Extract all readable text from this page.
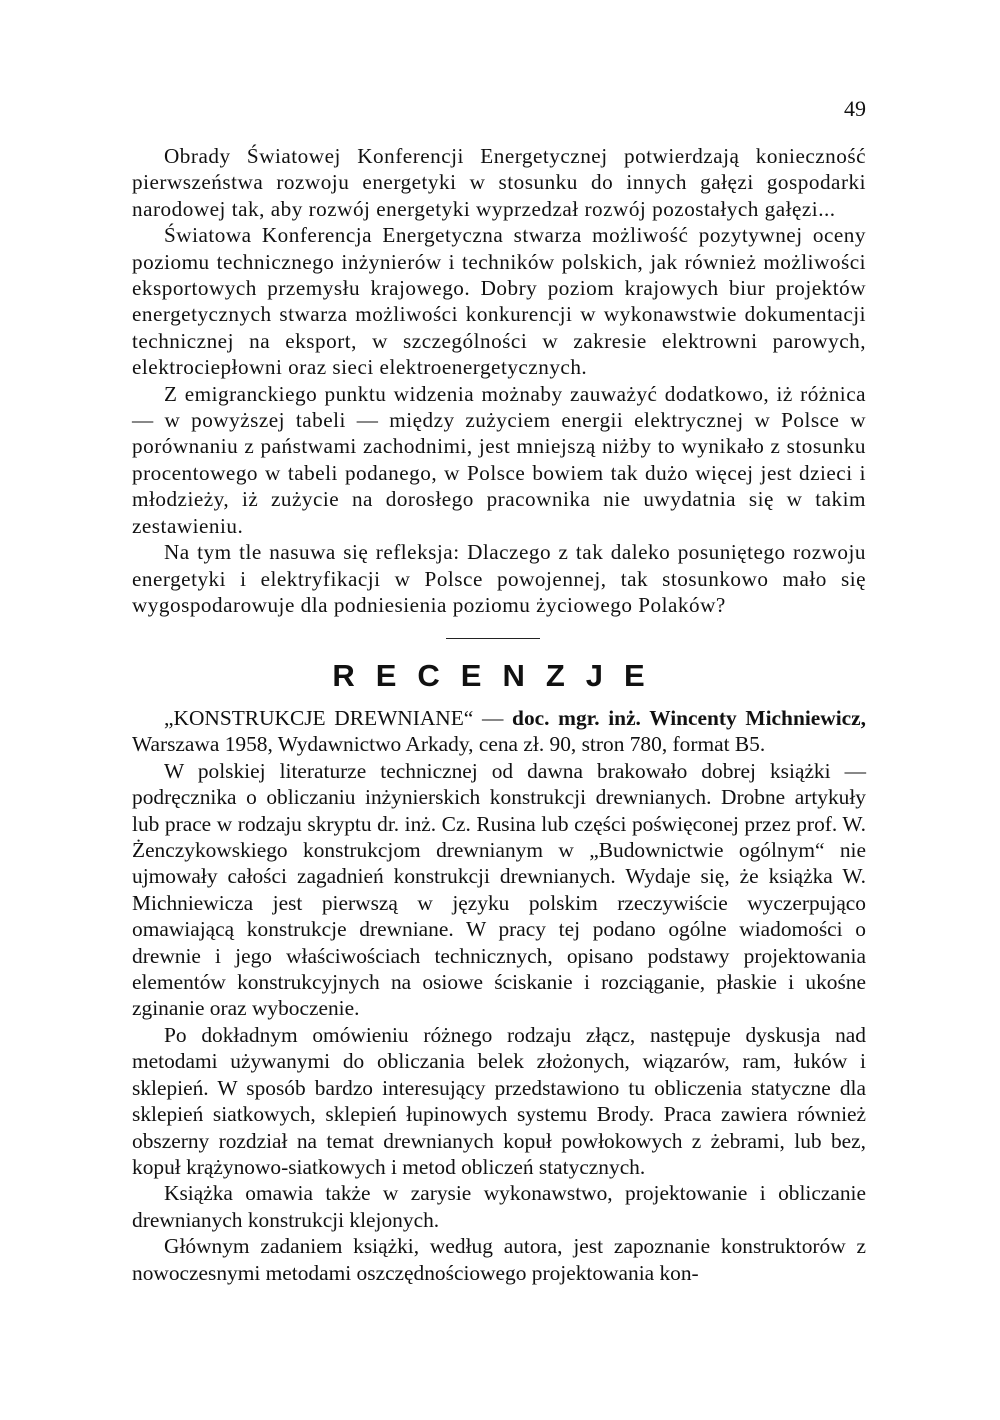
49

Obrady Światowej Konferencji Energetycznej potwierdzają konieczność pierwszeństwa rozwoju energetyki w stosunku do innych gałęzi gospodarki narodowej tak, aby rozwój energetyki wyprzedzał rozwój pozostałych gałęzi...

Światowa Konferencja Energetyczna stwarza możliwość pozytywnej oceny poziomu technicznego inżynierów i techników polskich, jak również możliwości eksportowych przemysłu krajowego. Dobry poziom krajowych biur projektów energetycznych stwarza możliwości konkurencji w wykonawstwie dokumentacji technicznej na eksport, w szczególności w zakresie elektrowni parowych, elektrociepłowni oraz sieci elektroenergetycznych.

Z emigranckiego punktu widzenia możnaby zauważyć dodatkowo, iż różnica — w powyższej tabeli — między zużyciem energii elektrycznej w Polsce w porównaniu z państwami zachodnimi, jest mniejszą niżby to wynikało z stosunku procentowego w tabeli podanego, w Polsce bowiem tak dużo więcej jest dzieci i młodzieży, iż zużycie na dorosłego pracownika nie uwydatnia się w takim zestawieniu.

Na tym tle nasuwa się refleksja: Dlaczego z tak daleko posuniętego rozwoju energetyki i elektryfikacji w Polsce powojennej, tak stosunkowo mało się wygospodarowuje dla podniesienia poziomu życiowego Polaków?

RECENZJE

„KONSTRUKCJE DREWNIANE“ — doc. mgr. inż. Wincenty Michniewicz, Warszawa 1958, Wydawnictwo Arkady, cena zł. 90, stron 780, format B5.

W polskiej literaturze technicznej od dawna brakowało dobrej książki — podręcznika o obliczaniu inżynierskich konstrukcji drewnianych. Drobne artykuły lub prace w rodzaju skryptu dr. inż. Cz. Rusina lub części poświęconej przez prof. W. Żenczykowskiego konstrukcjom drewnianym w „Budownictwie ogólnym“ nie ujmowały całości zagadnień konstrukcji drewnianych. Wydaje się, że książka W. Michniewicza jest pierwszą w języku polskim rzeczywiście wyczerpująco omawiającą konstrukcje drewniane. W pracy tej podano ogólne wiadomości o drewnie i jego właściwościach technicznych, opisano podstawy projektowania elementów konstrukcyjnych na osiowe ściskanie i rozciąganie, płaskie i ukośne zginanie oraz wyboczenie.

Po dokładnym omówieniu różnego rodzaju złącz, następuje dyskusja nad metodami używanymi do obliczania belek złożonych, wiązarów, ram, łuków i sklepień. W sposób bardzo interesujący przedstawiono tu obliczenia statyczne dla sklepień siatkowych, sklepień łupinowych systemu Brody. Praca zawiera również obszerny rozdział na temat drewnianych kopuł powłokowych z żebrami, lub bez, kopuł krążynowo-siatkowych i metod obliczeń statycznych.

Książka omawia także w zarysie wykonawstwo, projektowanie i obliczanie drewnianych konstrukcji klejonych.

Głównym zadaniem książki, według autora, jest zapoznanie konstruktorów z nowoczesnymi metodami oszczędnościowego projektowania kon-
